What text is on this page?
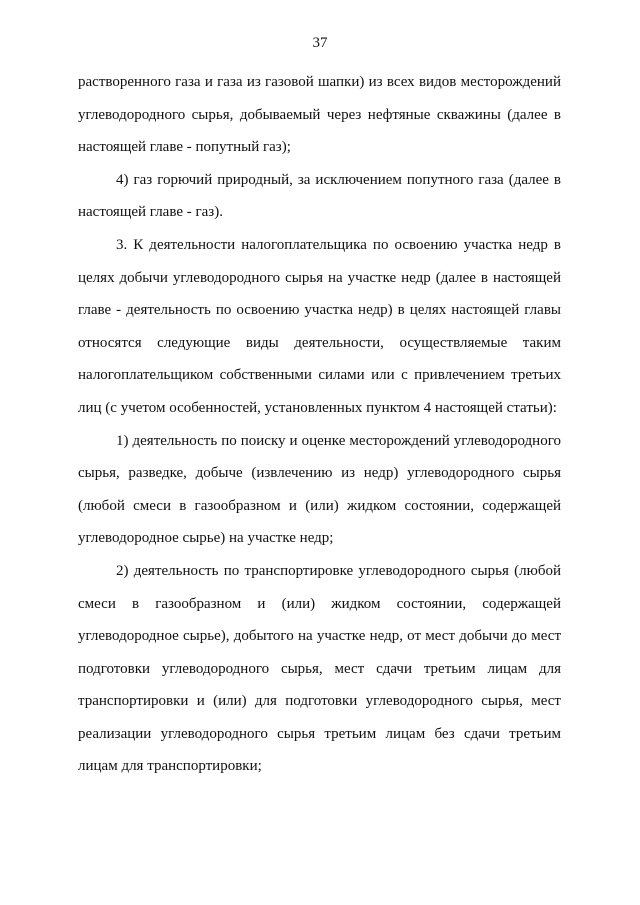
37
растворенного газа и газа из газовой шапки) из всех видов месторождений
углеводородного сырья, добываемый через нефтяные скважины (далее в
настоящей главе - попутный газ);
4) газ горючий природный, за исключением попутного газа (далее в
настоящей главе - газ).
3. К деятельности налогоплательщика по освоению участка недр в
целях добычи углеводородного сырья на участке недр (далее в настоящей
главе - деятельность по освоению участка недр) в целях настоящей главы
относятся следующие виды деятельности, осуществляемые таким
налогоплательщиком собственными силами или с привлечением третьих
лиц (с учетом особенностей, установленных пунктом 4 настоящей статьи):
1) деятельность по поиску и оценке месторождений углеводородного
сырья, разведке, добыче (извлечению из недр) углеводородного сырья
(любой смеси в газообразном и (или) жидком состоянии, содержащей
углеводородное сырье) на участке недр;
2) деятельность по транспортировке углеводородного сырья (любой
смеси в газообразном и (или) жидком состоянии, содержащей
углеводородное сырье), добытого на участке недр, от мест добычи до мест
подготовки углеводородного сырья, мест сдачи третьим лицам для
транспортировки и (или) для подготовки углеводородного сырья, мест
реализации углеводородного сырья третьим лицам без сдачи третьим
лицам для транспортировки;
